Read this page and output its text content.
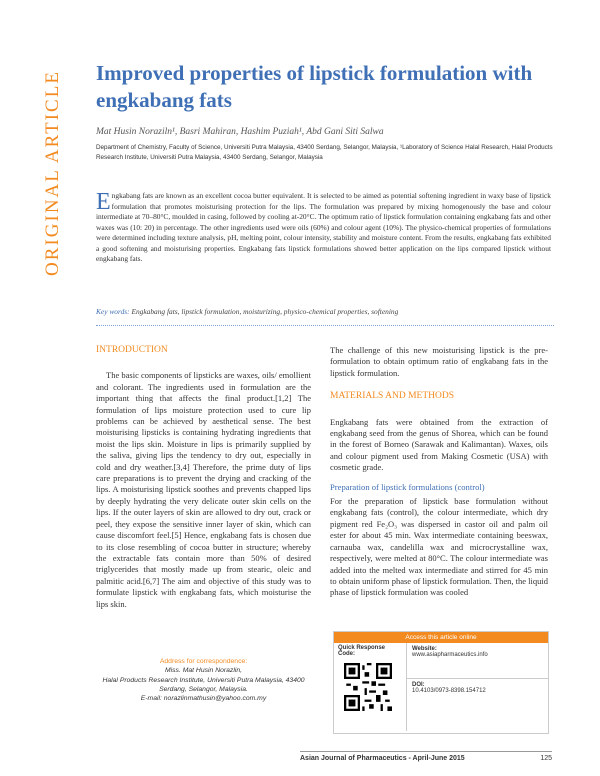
ORIGINAL ARTICLE Improved properties of lipstick formulation with engkabang fats
Mat Husin Noraziln¹, Basri Mahiran, Hashim Puziah¹, Abd Gani Siti Salwa
Department of Chemistry, Faculty of Science, Universiti Putra Malaysia, 43400 Serdang, Selangor, Malaysia, ¹Laboratory of Science Halal Research, Halal Products Research Institute, Universiti Putra Malaysia, 43400 Serdang, Selangor, Malaysia
Engkabang fats are known as an excellent cocoa butter equivalent. It is selected to be aimed as potential softening ingredient in waxy base of lipstick formulation that promotes moisturising protection for the lips. The formulation was prepared by mixing homogenously the base and colour intermediate at 70–80°C, moulded in casing, followed by cooling at-20°C. The optimum ratio of lipstick formulation containing engkabang fats and other waxes was (10: 20) in percentage. The other ingredients used were oils (60%) and colour agent (10%). The physico-chemical properties of formulations were determined including texture analysis, pH, melting point, colour intensity, stability and moisture content. From the results, engkabang fats exhibited a good softening and moisturising properties. Engkabang fats lipstick formulations showed better application on the lips compared lipstick without engkabang fats.
Key words: Engkabang fats, lipstick formulation, moisturizing, physico-chemical properties, softening
INTRODUCTION

The basic components of lipsticks are waxes, oils/ emollient and colorant. The ingredients used in formulation are the important thing that affects the final product.[1,2] The formulation of lips moisture protection used to cure lip problems can be achieved by aesthetical sense. The best moisturising lipsticks is containing hydrating ingredients that moist the lips skin. Moisture in lips is primarily supplied by the saliva, giving lips the tendency to dry out, especially in cold and dry weather.[3,4] Therefore, the prime duty of lips care preparations is to prevent the drying and cracking of the lips. A moisturising lipstick soothes and prevents chapped lips by deeply hydrating the very delicate outer skin cells on the lips. If the outer layers of skin are allowed to dry out, crack or peel, they expose the sensitive inner layer of skin, which can cause discomfort feel.[5] Hence, engkabang fats is chosen due to its close resembling of cocoa butter in structure; whereby the extractable fats contain more than 50% of desired triglycerides that mostly made up from stearic, oleic and palmitic acid.[6,7] The aim and objective of this study was to formulate lipstick with engkabang fats, which moisturise the lips skin.

The challenge of this new moisturising lipstick is the pre-formulation to obtain optimum ratio of engkabang fats in the lipstick formulation.

MATERIALS AND METHODS

Engkabang fats were obtained from the extraction of engkabang seed from the genus of Shorea, which can be found in the forest of Borneo (Sarawak and Kalimantan). Waxes, oils and colour pigment used from Making Cosmetic (USA) with cosmetic grade.

Preparation of lipstick formulations (control)

For the preparation of lipstick base formulation without engkabang fats (control), the colour intermediate, which dry pigment red Fe₂O₃ was dispersed in castor oil and palm oil ester for about 45 min. Wax intermediate containing beeswax, carnauba wax, candelilla wax and microcrystalline wax, respectively, were melted at 80°C. The colour intermediate was added into the melted wax intermediate and stirred for 45 min to obtain uniform phase of lipstick formulation. Then, the liquid phase of lipstick formulation was cooled

Address for correspondence:
Miss. Mat Husin Norazlin,
Halal Products Research Institute, Universiti Putra Malaysia, 43400
Serdang, Selangor, Malaysia.
E-mail: norazlinmathusin@yahoo.com.my
Access this article online
Quick Response Code:
Website:
www.asiapharmaceutics.info
DOI:
10.4103/0973-8398.154712
Asian Journal of Pharmaceutics - April-June 2015	125
